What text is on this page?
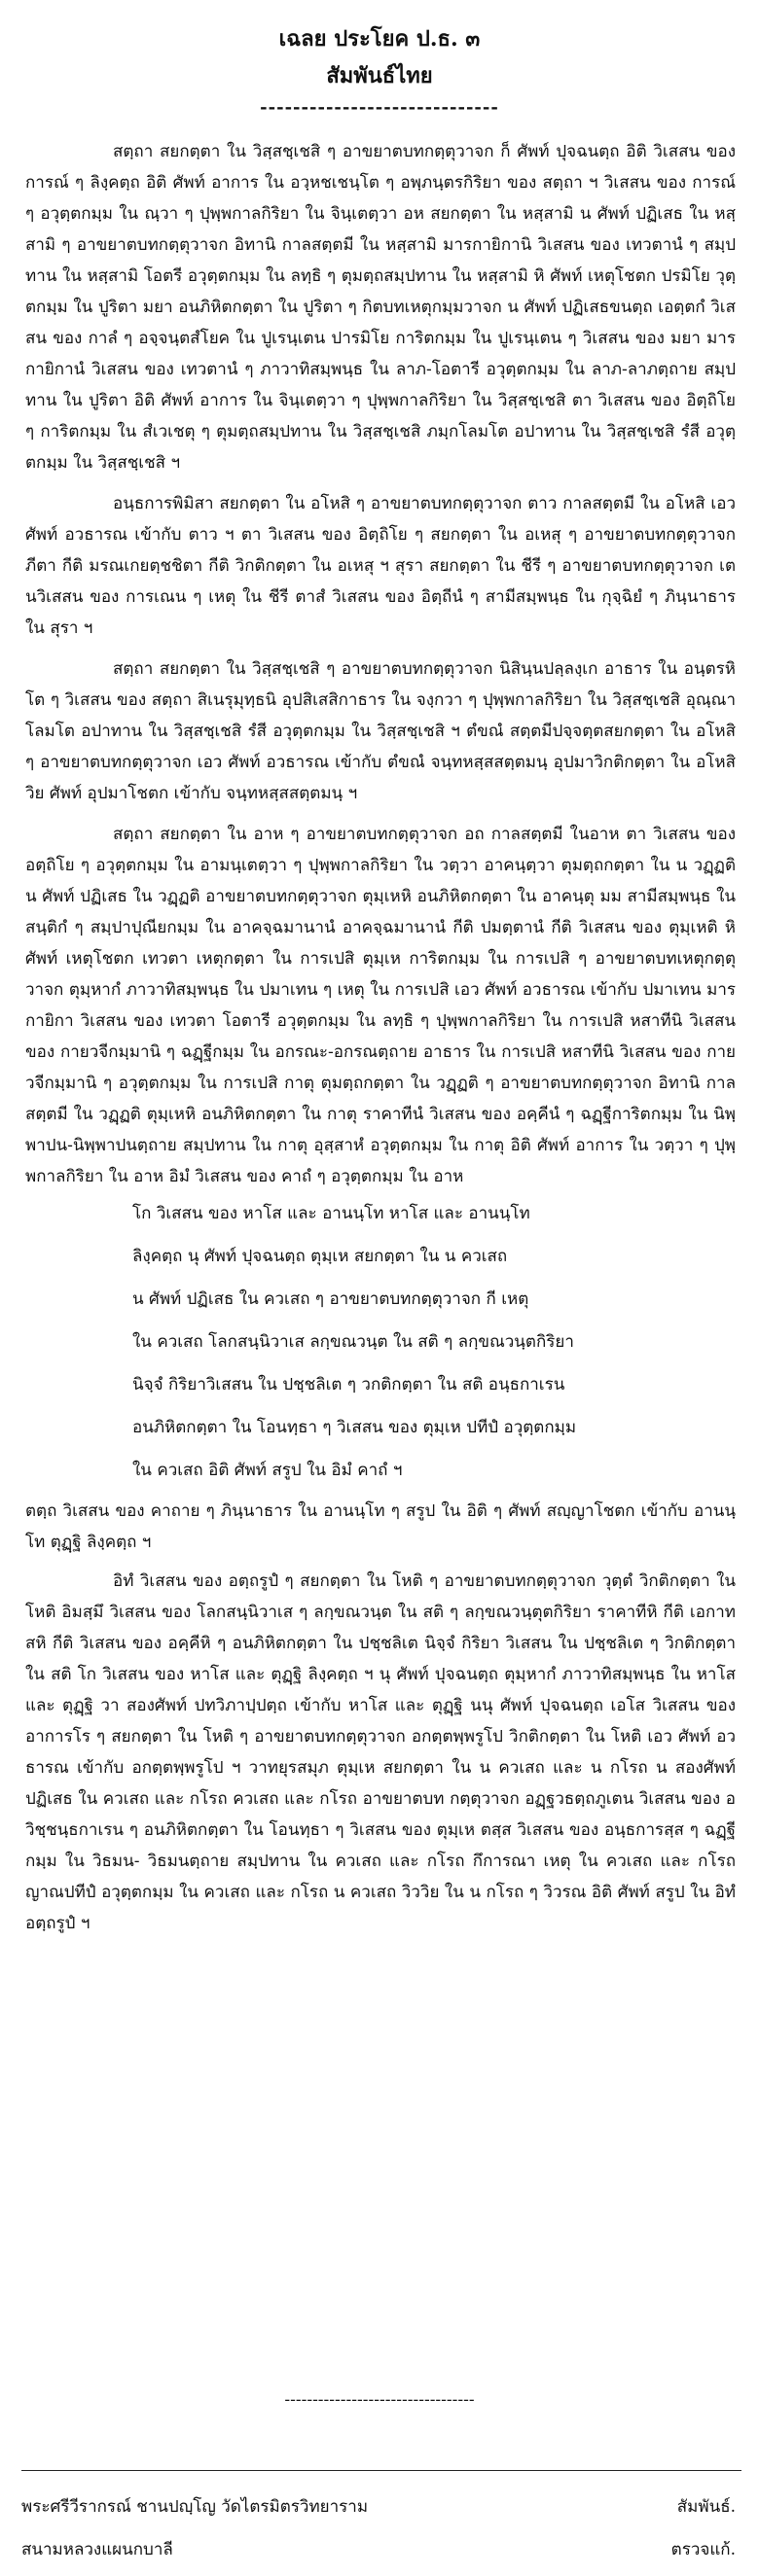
เฉลย ประโยค ป.ธ. ๓
สัมพันธ์ไทย
-----------------------------

สตฺถา สยกตฺตา ใน วิสฺสชฺเชสิ ๆ อาขยาตบทกตฺตุวาจก ก็ ศัพท์ ปุจฉนตฺถ อิติ วิเสสน ของ การณ์ ๆ ลิงฺคตฺถ อิติ ศัพท์ อาการ ใน อวฺหชเชนฺโต ๆ อพฺภนฺตรกิริยา ของ สตฺถา ฯ วิเสสน ของ การณ์ ๆ อวุตฺตกมฺม ใน ณฺวา ๆ ปุพฺพกาลกิริยา ใน จินฺเตตฺวา อห สยกตฺตา ใน หสฺสามิ น ศัพท์ ปฏิเสธ ใน หสฺสามิ ๆ อาขยาตบทกตฺตุวาจก อิทานิ กาลสตฺตมี ใน หสฺสามิ มารกายิกานิ วิเสสน ของ เทวตานํ ๆ สมฺปทาน ใน หสฺสามิ โอตรี อวุตฺตกมฺม ใน ลทฺธิ ๆ ตุมตฺถสมฺปทาน ใน หสฺสามิ หิ ศัพท์ เหตุโชตก ปรมิโย วุตฺตกมฺม ใน ปูริตา มยา อนภิหิตกตฺตา ใน ปูริตา ๆ กิตบทเหตุกมฺมวาจก น ศัพท์ ปฏิเสธขนตฺถ เอตฺตกํ วิเสสน ของ กาลํ ๆ อจฺจนฺตสํโยค ใน ปูเรนฺเตน ปารมิโย การิตกมฺม ใน ปูเรนฺเตน ๆ วิเสสน ของ มยา มารกายิกานํ วิเสสน ของ เทวตานํ ๆ ภาวาทิสมฺพนฺธ ใน ลาภ-โอตารี อวุตฺตกมฺม ใน ลาภ-ลาภตฺถาย สมฺปทาน ใน ปูริตา อิติ ศัพท์ อาการ ใน จินฺเตตฺวา ๆ ปุพฺพกาลกิริยา ใน วิสฺสชฺเชสิ ตา วิเสสน ของ อิตฺถิโย ๆ การิตกมฺม ใน สํเวเชตุ ๆ ตุมตฺถสมฺปทาน ใน วิสฺสชฺเชสิ ภมฺกโลมโต อปาทาน ใน วิสฺสชฺเชสิ รํสี อวุตฺตกมฺม ใน วิสฺสชฺเชสิ ฯ

อนฺธการพิมิสา สยกตฺตา ใน อโหสิ ๆ อาขยาตบทกตฺตุวาจก ตาว กาลสตฺตมี ใน อโหสิ เอว ศัพท์ อวธารณ เข้ากับ ตาว ฯ ตา วิเสสน ของ อิตฺถิโย ๆ สยกตฺตา ใน อเหสุ ๆ อาขยาตบทกตฺตุวาจก ภีตา กีติ มรณเกยตฺชชิตา กีติ วิกติกตฺตา ใน อเหสุ ฯ สุรา สยกตฺตา ใน ชีรี ๆ อาขยาตบทกตฺตุวาจก เตนวิเสสน ของ การเณน ๆ เหตุ ใน ชีรี ตาสํ วิเสสน ของ อิตฺถีนํ ๆ สามีสมฺพนฺธ ใน กุจฺฉิยํ ๆ ภินฺนาธาร ใน สุรา ฯ

สตฺถา สยกตฺตา ใน วิสฺสชฺเชสิ ๆ อาขยาตบทกตฺตุวาจก นิสินฺนปลฺลงฺเก อาธาร ใน อนฺตรหิโต ๆ วิเสสน ของ สตฺถา สิเนรุมุทฺธนิ อุปสิเสสิกาธาร ใน จงฺกวา ๆ ปุพฺพกาลกิริยา ใน วิสฺสชฺเชสิ อุณฺณาโลมโต อปาทาน ใน วิสฺสชฺเชสิ รํสี อวุตฺตกมฺม ใน วิสฺสชฺเชสิ ฯ ตํขณํ สตฺตมีปจฺจตฺตสยกตฺตา ใน อโหสิ ๆ อาขยาตบทกตฺตุวาจก เอว ศัพท์ อวธารณ เข้ากับ ตํขณํ จนฺทหสฺสสตฺตมนฺ อุปมาวิกติกตฺตา ใน อโหสิ วิย ศัพท์ อุปมาโชตก เข้ากับ จนฺทหสฺสสตฺตมนฺ ฯ

สตฺถา สยกตฺตา ใน อาห ๆ อาขยาตบทกตฺตุวาจก อถ กาลสตฺตมี ในอาห ตา วิเสสน ของ อตฺถิโย ๆ อวุตฺตกมฺม ใน อามนฺเตตฺวา ๆ ปุพฺพกาลกิริยา ใน วตฺวา อาคนฺตฺวา ตุมตฺถกตฺตา ใน น วฏฺฏติ น ศัพท์ ปฏิเสธ ใน วฏฺฏติ อาขยาตบทกตฺตุวาจก ตุมฺเหหิ อนภิหิตกตฺตา ใน อาคนฺตุ มม สามีสมฺพนฺธ ใน สนฺติกํ ๆ สมฺปาปุณียกมฺม ใน อาคจฺฉมานานํ อาคจฺฉมานานํ กีติ ปมตฺตานํ กีติ วิเสสน ของ ตุมฺเหติ หิ ศัพท์ เหตุโชตก เทวตา เหตุกตฺตา ใน การเปสิ ตุมฺเห การิตกมฺม ใน การเปสิ ๆ อาขยาตบทเหตุกตฺตุวาจก ตุมฺหากํ ภาวาทิสมฺพนฺธ ใน ปมาเทน ๆ เหตุ ใน การเปสิ เอว ศัพท์ อวธารณ เข้ากับ ปมาเทน มารกายิกา วิเสสน ของ เทวตา โอตารี อวุตฺตกมฺม ใน ลทฺธิ ๆ ปุพฺพกาลกิริยา ใน การเปสิ หสาทีนิ วิเสสน ของ กายวจีกมฺมานิ ๆ ฉฏฺฐีกมฺม ใน อกรณะ-อกรณตฺถาย อาธาร ใน การเปสิ หสาทีนิ วิเสสน ของ กายวจีกมฺมานิ ๆ อวุตฺตกมฺม ใน การเปสิ กาตุ ตุมตฺถกตฺตา ใน วฏฺฏติ ๆ อาขยาตบทกตฺตุวาจก อิทานิ กาลสตฺตมี ใน วฏฺฏติ ตุมฺเหหิ อนภิหิตกตฺตา ใน กาตุ ราคาทีนํ วิเสสน ของ อคฺคีนํ ๆ ฉฏฺฐีการิตกมฺม ใน นิพฺพาปน-นิพฺพาปนตฺถาย สมฺปทาน ใน กาตุ อุสฺสาหํ อวุตฺตกมฺม ใน กาตุ อิติ ศัพท์ อาการ ใน วตฺวา ๆ ปุพฺพกาลกิริยา ใน อาห อิมํ วิเสสน ของ คาถํ ๆ อวุตฺตกมฺม ใน อาห

โก วิเสสน ของ หาโส และ อานนฺโท หาโส และ อานนฺโท

ลิงฺคตฺถ นุ ศัพท์ ปุจฉนตฺถ ตุมฺเห สยกตฺตา ใน น ควเสถ

น ศัพท์ ปฏิเสธ ใน ควเสถ ๆ อาขยาตบทกตฺตุวาจก กี เหตุ

ใน ควเสถ โลกสนฺนิวาเส ลกฺขณวนฺต ใน สติ ๆ ลกฺขณวนฺตกิริยา

นิจฺจํ กิริยาวิเสสน ใน ปชฺชลิเต ๆ วกติกตฺตา ใน สติ อนฺธกาเรน

อนภิหิตกตฺตา ใน โอนทฺธา ๆ วิเสสน ของ ตุมฺเห ปทีปํ อวุตฺตกมฺม

ใน ควเสถ อิติ ศัพท์ สรูป ใน อิมํ คาถํ ฯ

ตตฺถ วิเสสน ของ คาถาย ๆ ภินฺนาธาร ใน อานนฺโท ๆ สรูป ใน อิติ ๆ ศัพท์ สญฺญาโชตก เข้ากับ อานนฺโท ตุฏฺฐิ ลิงฺคตฺถ ฯ

อิทํ วิเสสน ของ อตฺถรูปํ ๆ สยกตฺตา ใน โหติ ๆ อาขยาตบทกตฺตุวาจก วุตฺตํ วิกติกตฺตา ใน โหติ อิมสฺมึ วิเสสน ของ โลกสนฺนิวาเส ๆ ลกฺขณวนฺต ใน สติ ๆ ลกฺขณวนฺตุตกิริยา ราคาทีหิ กีติ เอกาทสหิ กีติ วิเสสน ของ อคฺคีหิ ๆ อนภิหิตกตฺตา ใน ปชฺชลิเต นิจฺจํ กิริยา วิเสสน ใน ปชฺชลิเต ๆ วิกติกตฺตา ใน สติ โก วิเสสน ของ หาโส และ ตุฏฺฐิ ลิงฺคตฺถ ฯ นุ ศัพท์ ปุจฉนตฺถ ตุมฺหากํ ภาวาทิสมฺพนฺธ ใน หาโส และ ตุฏฺฐิ วา สองศัพท์ ปทวิภาปฺปตฺถ เข้ากับ หาโส และ ตุฏฺฐิ นนุ ศัพท์ ปุจฉนตฺถ เอโส วิเสสน ของ อาการโร ๆ สยกตฺตา ใน โหติ ๆ อาขยาตบทกตฺตุวาจก อกตฺตพฺพรูโป วิกติกตฺตา ใน โหติ เอว ศัพท์ อวธารณ เข้ากับ อกตฺตพฺพรูโป ฯ วาทยุรสมุภ ตุมฺเห สยกตฺตา ใน น ควเสถ และ น กโรถ น สองศัพท์ ปฏิเสธ ใน ควเสถ และ กโรถ ควเสถ และ กโรถ อาขยาตบท กตฺตุวาจก อฏฺฐวธตฺถภูเตน วิเสสน ของ อวิชฺชนฺธกาเรน ๆ อนภิหิตกตฺตา ใน โอนทฺธา ๆ วิเสสน ของ ตุมฺเห ตสฺส วิเสสน ของ อนฺธการสฺส ๆ ฉฏฺฐีกมฺม ใน วิธมน- วิธมนตฺถาย สมฺปทาน ใน ควเสถ และ กโรถ กึการณา เหตุ ใน ควเสถ และ กโรถ ญาณปทีปํ อวุตฺตกมฺม ใน ควเสถ และ กโรถ น ควเสถ วิววิย ใน น กโรถ ๆ วิวรณ อิติ ศัพท์ สรูป ใน อิทํ อตฺถรูปํ ฯ

----------------------------------
พระศรีวีรากรณ์ ชานปญฺโญ วัดไตรมิตรวิทยาราม	สัมพันธ์.
สนามหลวงแผนกบาลี	ตรวจแก้.
